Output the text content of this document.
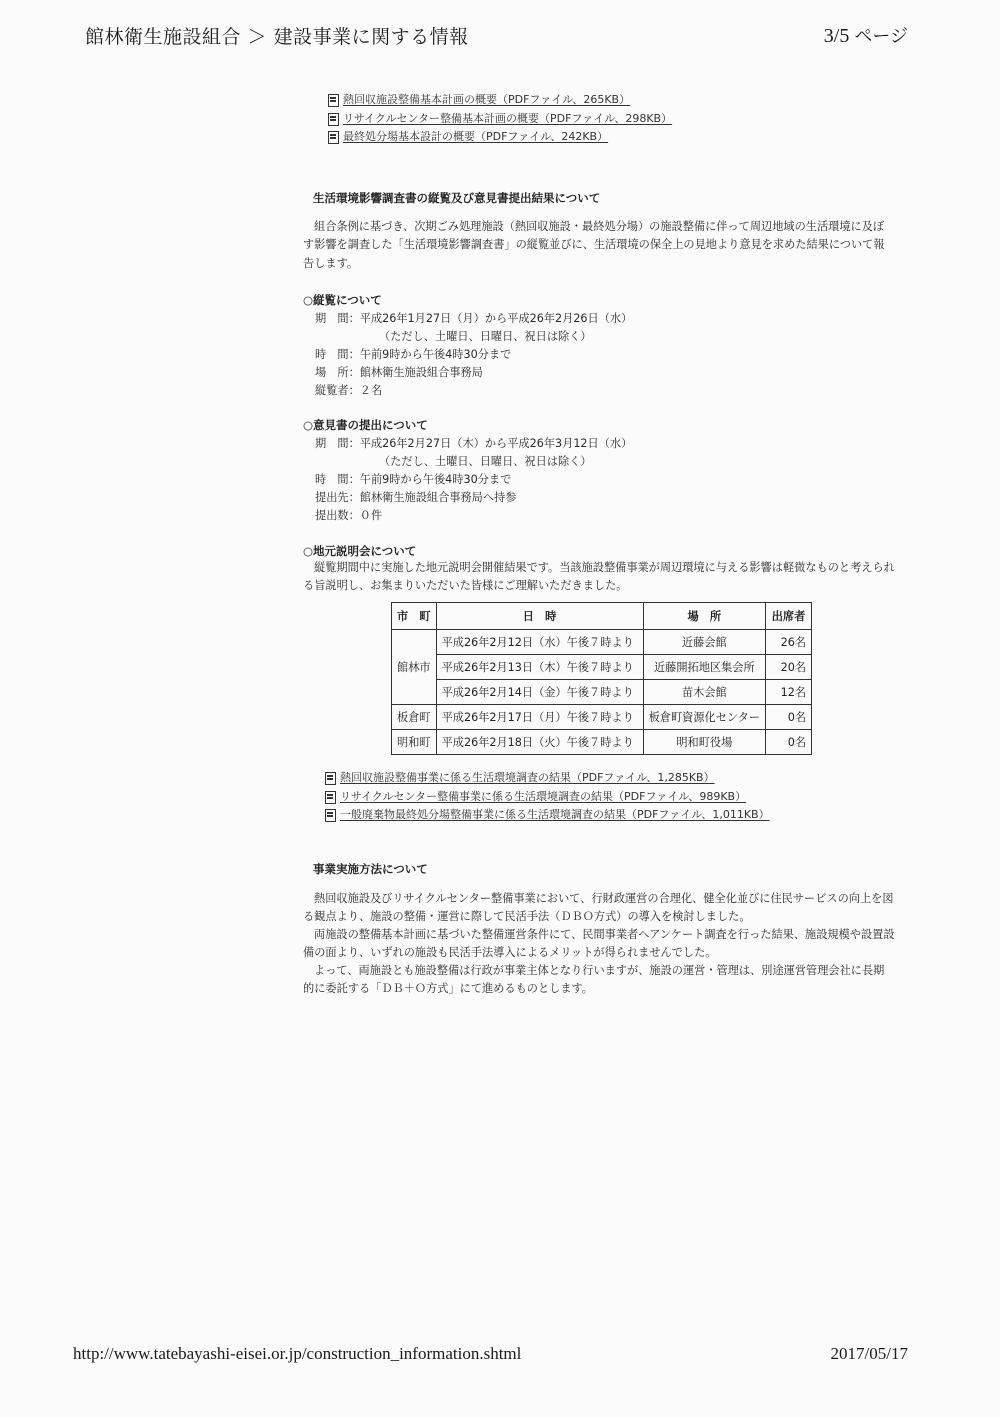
館林衛生施設組合 ＞ 建設事業に関する情報	3/5 ページ
熱回収施設整備基本計画の概要（PDFファイル、265KB）
リサイクルセンター整備基本計画の概要（PDFファイル、298KB）
最終処分場基本設計の概要（PDFファイル、242KB）
生活環境影響調査書の縦覧及び意見書提出結果について
組合条例に基づき、次期ごみ処理施設（熱回収施設・最終処分場）の施設整備に伴って周辺地域の生活環境に及ぼす影響を調査した「生活環境影響調査書」の縦覧並びに、生活環境の保全上の見地より意見を求めた結果について報告します。
○縦覧について
期　間：平成26年1月27日（月）から平成26年2月26日（水）
（ただし、土曜日、日曜日、祝日は除く）
時　間：午前9時から午後4時30分まで
場　所：館林衛生施設組合事務局
縦覧者：２名
○意見書の提出について
期　間：平成26年2月27日（木）から平成26年3月12日（水）
（ただし、土曜日、日曜日、祝日は除く）
時　間：午前9時から午後4時30分まで
提出先：館林衛生施設組合事務局へ持参
提出数：０件
○地元説明会について
縦覧期間中に実施した地元説明会開催結果です。当該施設整備事業が周辺環境に与える影響は軽微なものと考えられる旨説明し、お集まりいただいた皆様にご理解いただきました。
市　町	日　時	場　所	出席者
館林市	平成26年2月12日（水）午後７時より	近藤会館	26名
	平成26年2月13日（木）午後７時より	近藤開拓地区集会所	20名
	平成26年2月14日（金）午後７時より	苗木会館	12名
板倉町	平成26年2月17日（月）午後７時より	板倉町資源化センター	0名
明和町	平成26年2月18日（火）午後７時より	明和町役場	0名
熱回収施設整備事業に係る生活環境調査の結果（PDFファイル、1,285KB）
リサイクルセンター整備事業に係る生活環境調査の結果（PDFファイル、989KB）
一般廃棄物最終処分場整備事業に係る生活環境調査の結果（PDFファイル、1,011KB）
事業実施方法について
熱回収施設及びリサイクルセンター整備事業において、行財政運営の合理化、健全化並びに住民サービスの向上を図る観点より、施設の整備・運営に際して民活手法（ＤＢＯ方式）の導入を検討しました。
両施設の整備基本計画に基づいた整備運営条件にて、民間事業者へアンケート調査を行った結果、施設規模や設置設備の面より、いずれの施設も民活手法導入によるメリットが得られませんでした。
よって、両施設とも施設整備は行政が事業主体となり行いますが、施設の運営・管理は、別途運営管理会社に長期的に委託する「ＤＢ＋Ｏ方式」にて進めるものとします。
http://www.tatebayashi-eisei.or.jp/construction_information.shtml	2017/05/17
